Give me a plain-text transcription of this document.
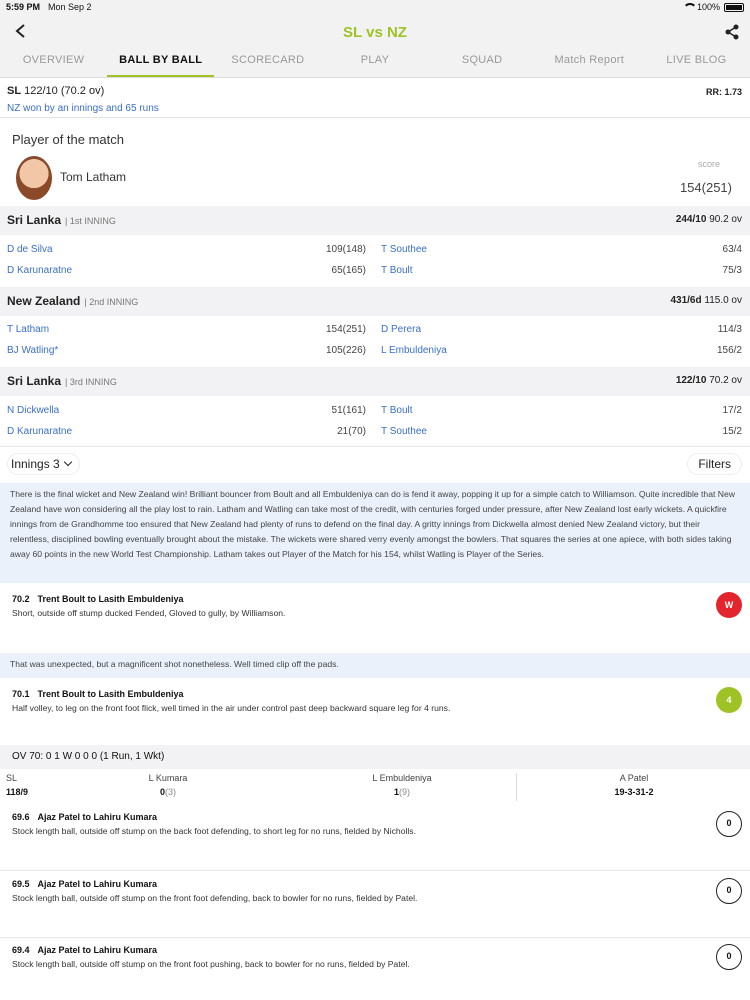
5:59 PM Mon Sep 2	100%
SL vs NZ
OVERVIEW	BALL BY BALL	SCORECARD	PLAY	SQUAD	Match Report	LIVE BLOG
SL 122/10 (70.2 ov)
NZ won by an innings and 65 runs
RR: 1.73
Player of the match
Tom Latham
score
154(251)
Sri Lanka | 1st INNING	244/10 90.2 ov
D de Silva	109(148) T Southee	63/4
D Karunaratne	65(165) T Boult	75/3
New Zealand | 2nd INNING	431/6d 115.0 ov
T Latham	154(251) D Perera	114/3
BJ Watling*	105(226) L Embuldeniya	156/2
Sri Lanka | 3rd INNING	122/10 70.2 ov
N Dickwella	51(161) T Boult	17/2
D Karunaratne	21(70) T Southee	15/2
Innings 3	Filters
There is the final wicket and New Zealand win! Brilliant bouncer from Boult and all Embuldeniya can do is fend it away, popping it up for a simple catch to Williamson. Quite incredible that New Zealand have won considering all the play lost to rain. Latham and Watling can take most of the credit, with centuries forged under pressure, after New Zealand lost early wickets. A quickfire innings from de Grandhomme too ensured that New Zealand had plenty of runs to defend on the final day. A gritty innings from Dickwella almost denied New Zealand victory, but their relentless, disciplined bowling eventually brought about the mistake. The wickets were shared verry evenly amongst the bowlers. That squares the series at one apiece, with both sides taking away 60 points in the new World Test Championship. Latham takes out Player of the Match for his 154, whilst Watling is Player of the Series.
70.2 Trent Boult to Lasith Embuldeniya
Short, outside off stump ducked Fended, Gloved to gully, by Williamson.
W
That was unexpected, but a magnificent shot nonetheless. Well timed clip off the pads.
70.1 Trent Boult to Lasith Embuldeniya
Half volley, to leg on the front foot flick, well timed in the air under control past deep backward square leg for 4 runs.
4
OV 70: 0 1 W 0 0 0 (1 Run, 1 Wkt)
SL
118/9
L Kumara
0(3)
L Embuldeniya
1(9)
A Patel
19-3-31-2
69.6 Ajaz Patel to Lahiru Kumara
Stock length ball, outside off stump on the back foot defending, to short leg for no runs, fielded by Nicholls.
0
69.5 Ajaz Patel to Lahiru Kumara
Stock length ball, outside off stump on the front foot defending, back to bowler for no runs, fielded by Patel.
0
69.4 Ajaz Patel to Lahiru Kumara
Stock length ball, outside off stump on the front foot pushing, back to bowler for no runs, fielded by Patel.
0
